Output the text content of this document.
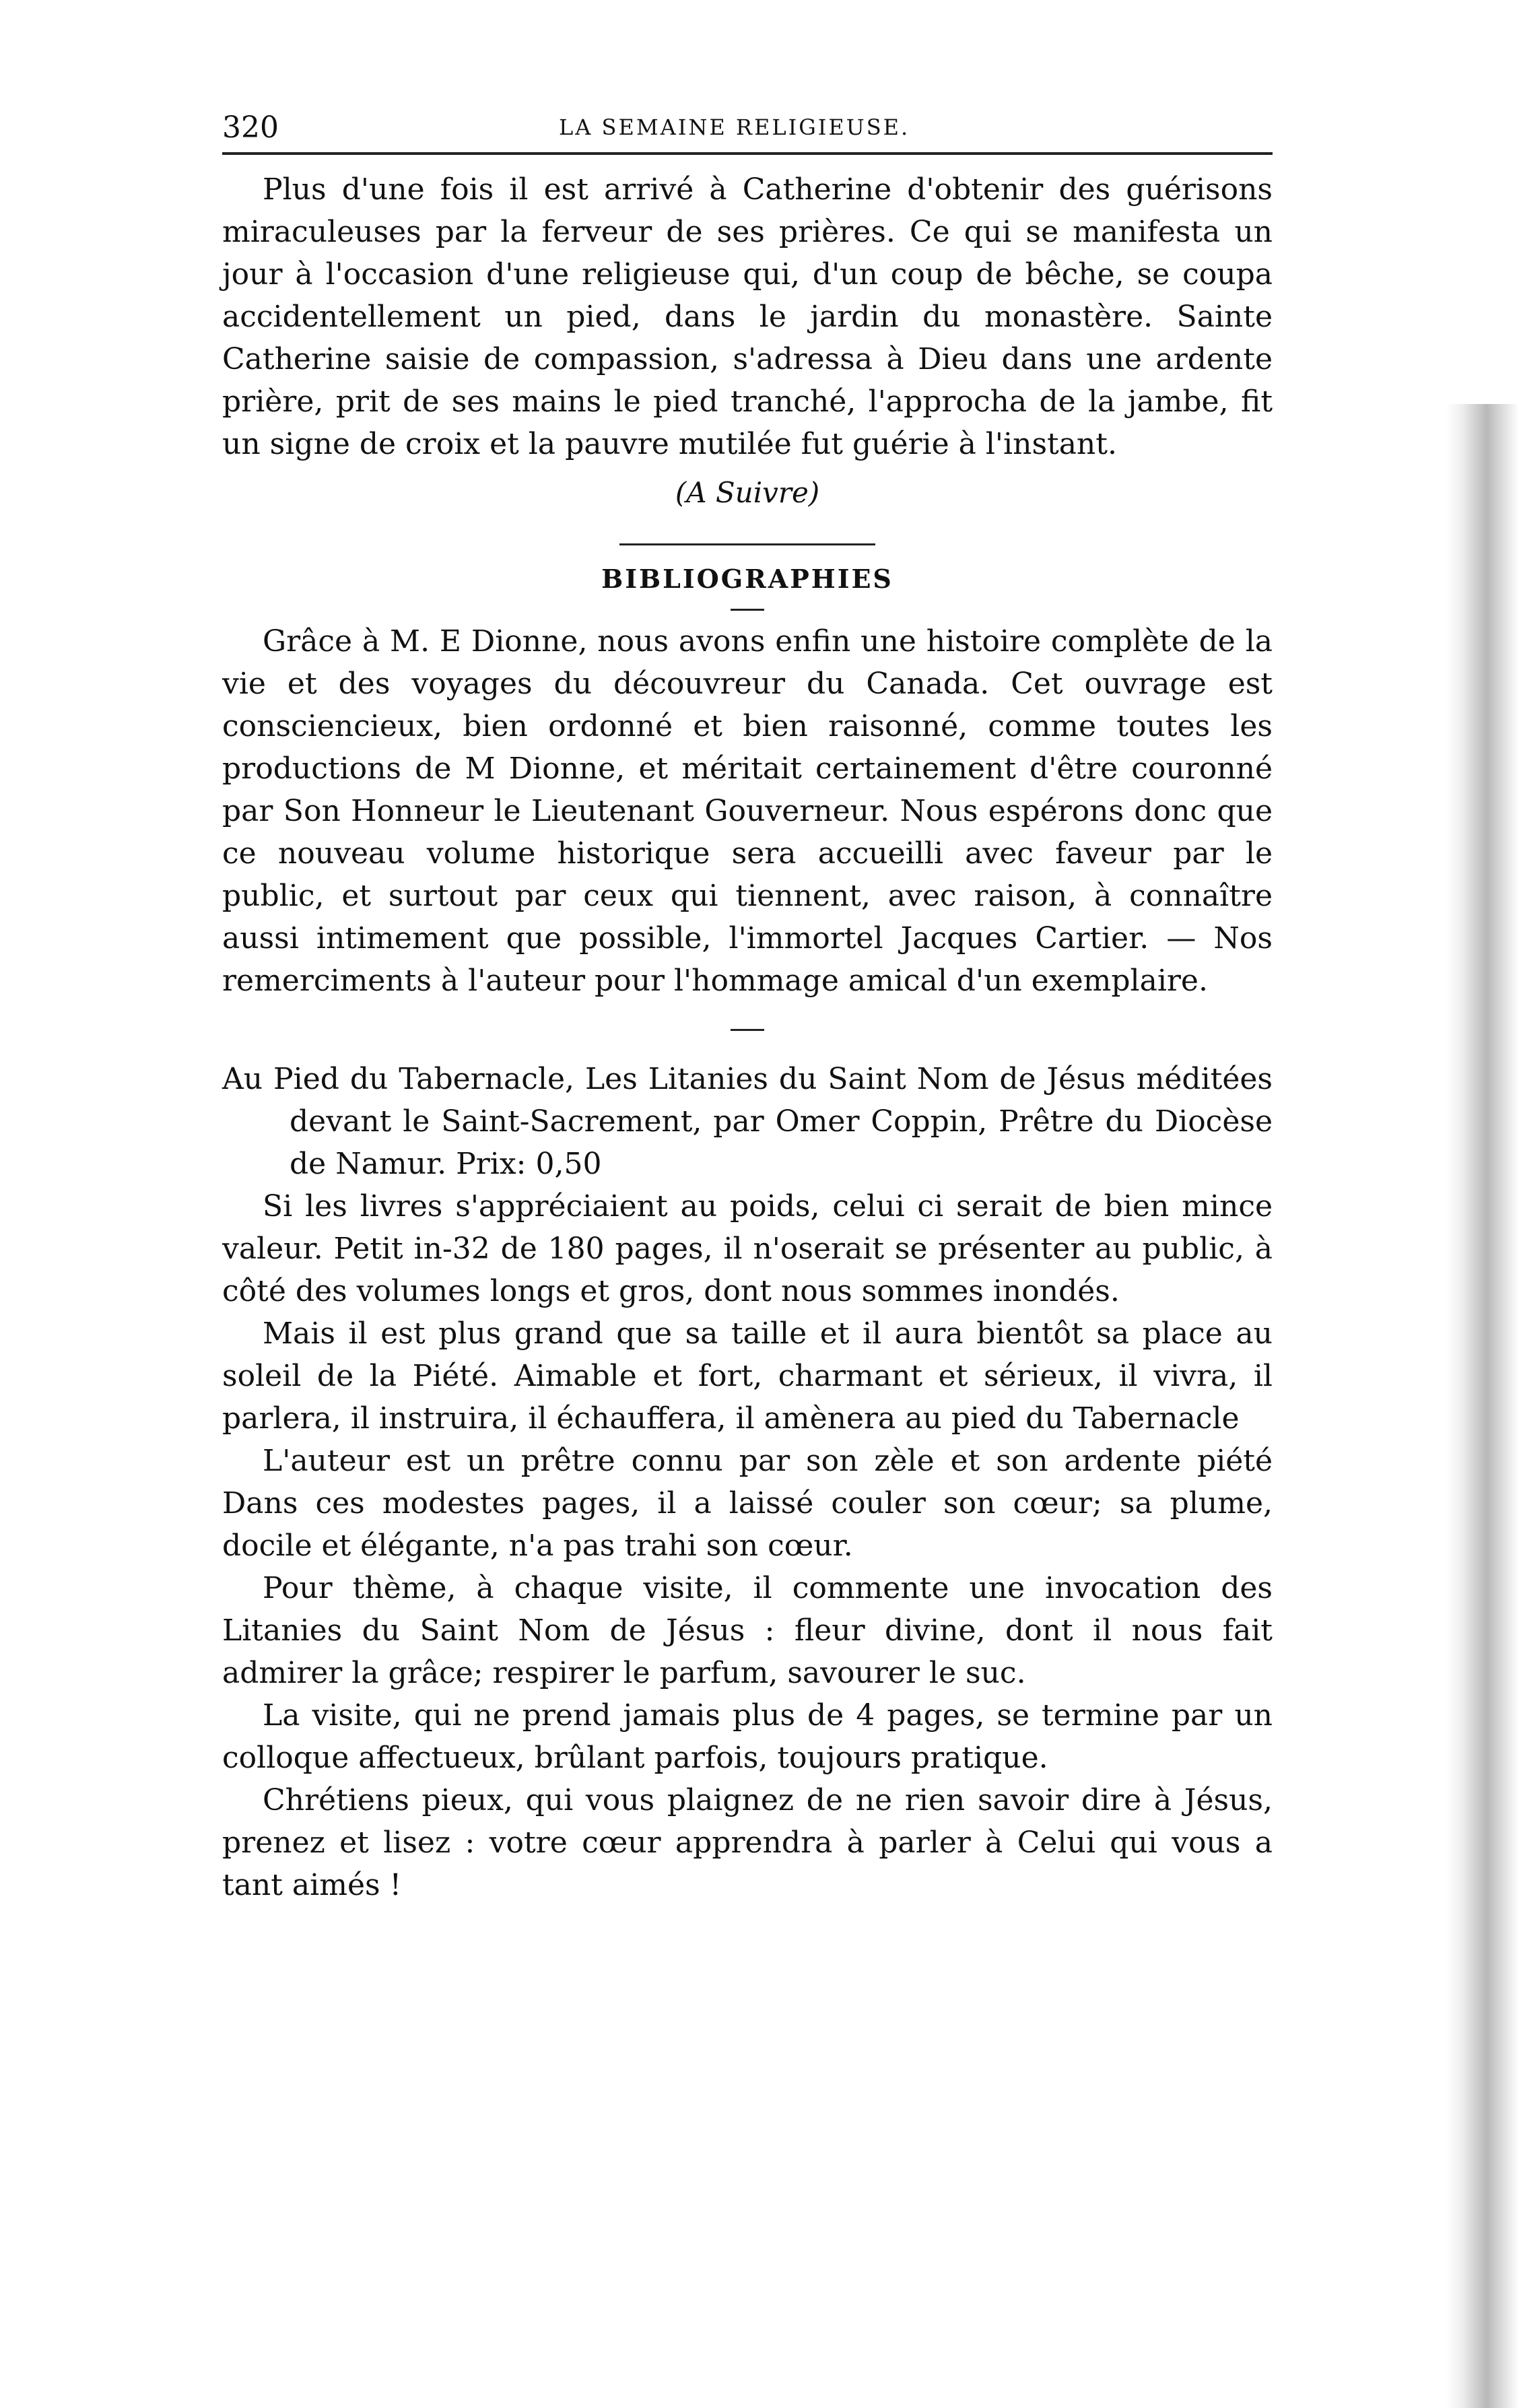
320	LA SEMAINE RELIGIEUSE.

Plus d'une fois il est arrivé à Catherine d'obtenir des guérisons miraculeuses par la ferveur de ses prières. Ce qui se manifesta un jour à l'occasion d'une religieuse qui, d'un coup de bêche, se coupa accidentellement un pied, dans le jardin du monastère. Sainte Catherine saisie de compassion, s'adressa à Dieu dans une ardente prière, prit de ses mains le pied tranché, l'approcha de la jambe, fit un signe de croix et la pauvre mutilée fut guérie à l'instant.

(A Suivre)
BIBLIOGRAPHIES

Grâce à M. E Dionne, nous avons enfin une histoire complète de la vie et des voyages du découvreur du Canada. Cet ouvrage est consciencieux, bien ordonné et bien raisonné, comme toutes les productions de M Dionne, et méritait certainement d'être couronné par Son Honneur le Lieutenant Gouverneur. Nous espérons donc que ce nouveau volume historique sera accueilli avec faveur par le public, et surtout par ceux qui tiennent, avec raison, à connaître aussi intimement que possible, l'immortel Jacques Cartier. — Nos remerciments à l'auteur pour l'hommage amical d'un exemplaire.

Au Pied du Tabernacle, Les Litanies du Saint Nom de Jésus méditées devant le Saint-Sacrement, par Omer Coppin, Prêtre du Diocèse de Namur. Prix: 0,50

Si les livres s'appréciaient au poids, celui ci serait de bien mince valeur. Petit in-32 de 180 pages, il n'oserait se présenter au public, à côté des volumes longs et gros, dont nous sommes inondés.

Mais il est plus grand que sa taille et il aura bientôt sa place au soleil de la Piété. Aimable et fort, charmant et sérieux, il vivra, il parlera, il instruira, il échauffera, il amènera au pied du Tabernacle

L'auteur est un prêtre connu par son zèle et son ardente piété Dans ces modestes pages, il a laissé couler son cœur; sa plume, docile et élégante, n'a pas trahi son cœur.

Pour thème, à chaque visite, il commente une invocation des Litanies du Saint Nom de Jésus : fleur divine, dont il nous fait admirer la grâce; respirer le parfum, savourer le suc.

La visite, qui ne prend jamais plus de 4 pages, se termine par un colloque affectueux, brûlant parfois, toujours pratique.

Chrétiens pieux, qui vous plaignez de ne rien savoir dire à Jésus, prenez et lisez : votre cœur apprendra à parler à Celui qui vous a tant aimés !
